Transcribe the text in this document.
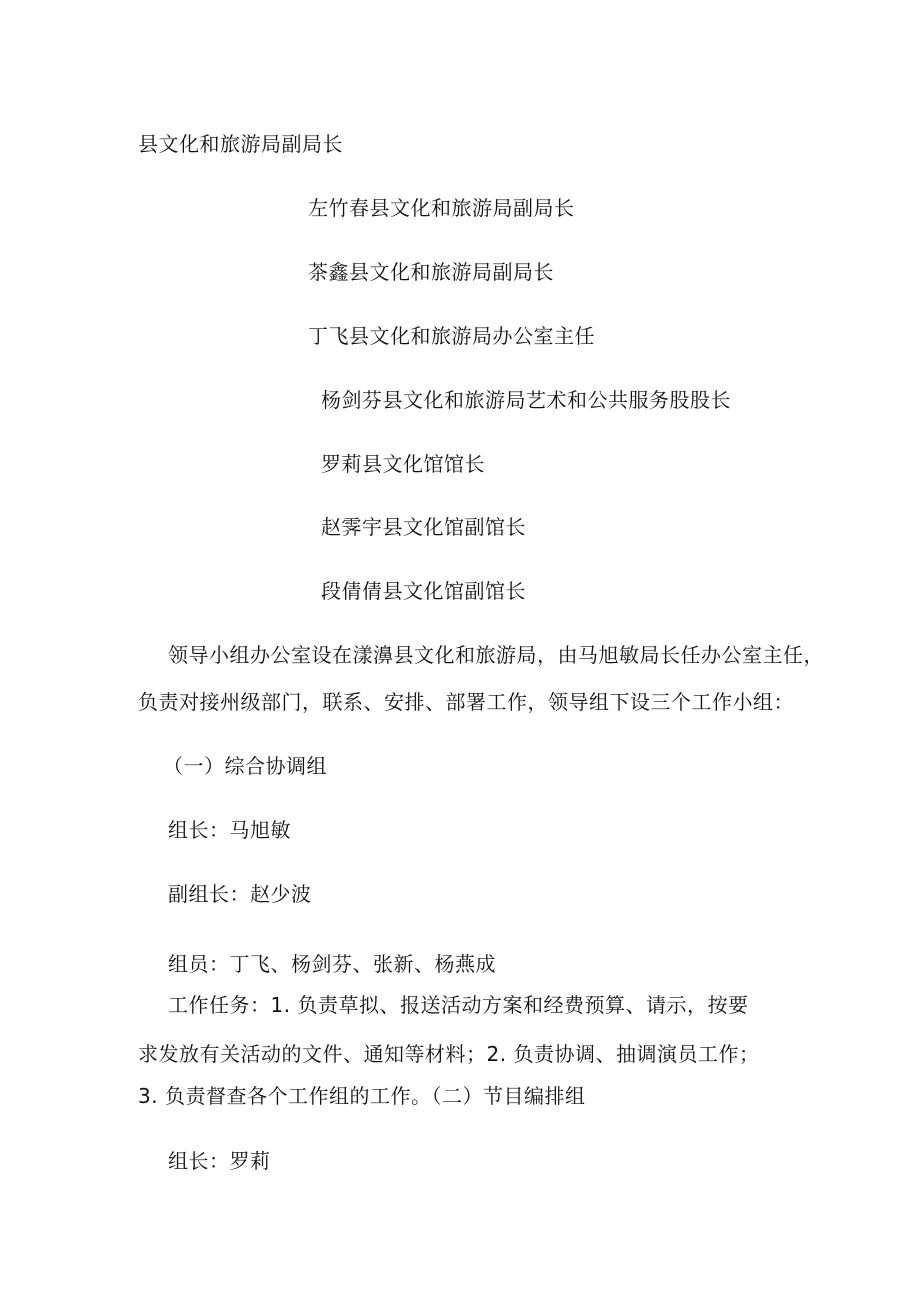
县文化和旅游局副局长
左竹春县文化和旅游局副局长
茶鑫县文化和旅游局副局长
丁飞县文化和旅游局办公室主任
杨剑芬县文化和旅游局艺术和公共服务股股长
罗莉县文化馆馆长
赵霁宇县文化馆副馆长
段倩倩县文化馆副馆长
领导小组办公室设在漾濞县文化和旅游局，由马旭敏局长任办公室主任，
负责对接州级部门，联系、安排、部署工作，领导组下设三个工作小组：
（一）综合协调组
组长：马旭敏
副组长：赵少波
组员：丁飞、杨剑芬、张新、杨燕成
工作任务：1. 负责草拟、报送活动方案和经费预算、请示，按要
求发放有关活动的文件、通知等材料；2. 负责协调、抽调演员工作；
3. 负责督查各个工作组的工作。（二）节目编排组
组长：罗莉
